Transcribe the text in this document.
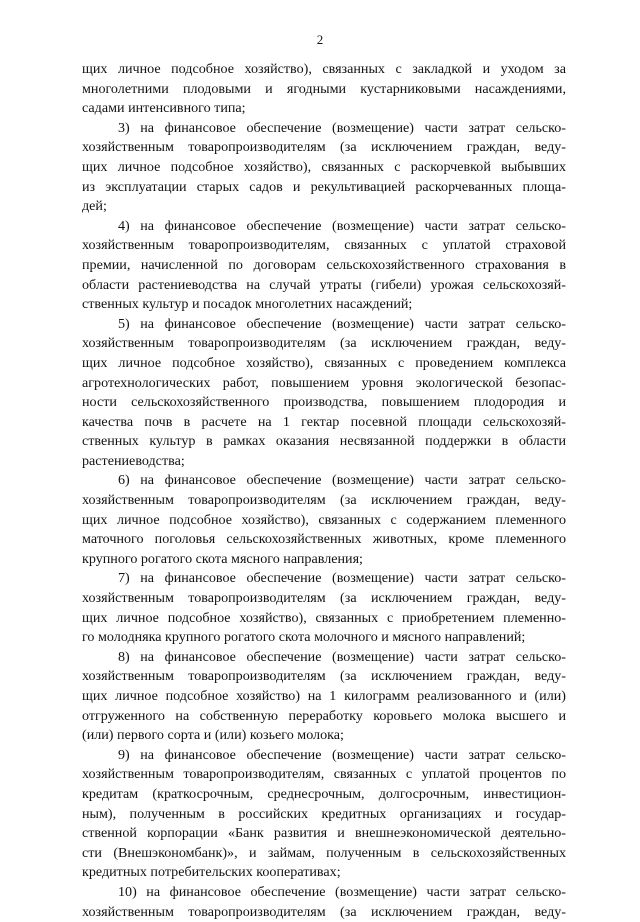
2

щих личное подсобное хозяйство), связанных с закладкой и уходом за
многолетними плодовыми и ягодными кустарниковыми насаждениями,
садами интенсивного типа;

3) на финансовое обеспечение (возмещение) части затрат сельско-
хозяйственным товаропроизводителям (за исключением граждан, веду-
щих личное подсобное хозяйство), связанных с раскорчевкой выбывших
из эксплуатации старых садов и рекультивацией раскорчеванных площа-
дей;

4) на финансовое обеспечение (возмещение) части затрат сельско-
хозяйственным товаропроизводителям, связанных с уплатой страховой
премии, начисленной по договорам сельскохозяйственного страхования в
области растениеводства на случай утраты (гибели) урожая сельскохозяй-
ственных культур и посадок многолетних насаждений;

5) на финансовое обеспечение (возмещение) части затрат сельско-
хозяйственным товаропроизводителям (за исключением граждан, веду-
щих личное подсобное хозяйство), связанных с проведением комплекса
агротехнологических работ, повышением уровня экологической безопас-
ности сельскохозяйственного производства, повышением плодородия и
качества почв в расчете на 1 гектар посевной площади сельскохозяй-
ственных культур в рамках оказания несвязанной поддержки в области
растениеводства;

6) на финансовое обеспечение (возмещение) части затрат сельско-
хозяйственным товаропроизводителям (за исключением граждан, веду-
щих личное подсобное хозяйство), связанных с содержанием племенного
маточного поголовья сельскохозяйственных животных, кроме племенного
крупного рогатого скота мясного направления;

7) на финансовое обеспечение (возмещение) части затрат сельско-
хозяйственным товаропроизводителям (за исключением граждан, веду-
щих личное подсобное хозяйство), связанных с приобретением племенно-
го молодняка крупного рогатого скота молочного и мясного направлений;

8) на финансовое обеспечение (возмещение) части затрат сельско-
хозяйственным товаропроизводителям (за исключением граждан, веду-
щих личное подсобное хозяйство) на 1 килограмм реализованного и (или)
отгруженного на собственную переработку коровьего молока высшего и
(или) первого сорта и (или) козьего молока;

9) на финансовое обеспечение (возмещение) части затрат сельско-
хозяйственным товаропроизводителям, связанных с уплатой процентов по
кредитам (краткосрочным, среднесрочным, долгосрочным, инвестицион-
ным), полученным в российских кредитных организациях и государ-
ственной корпорации «Банк развития и внешнеэкономической деятельно-
сти (Внешэкономбанк)», и займам, полученным в сельскохозяйственных
кредитных потребительских кооперативах;

10) на финансовое обеспечение (возмещение) части затрат сельско-
хозяйственным товаропроизводителям (за исключением граждан, веду-
